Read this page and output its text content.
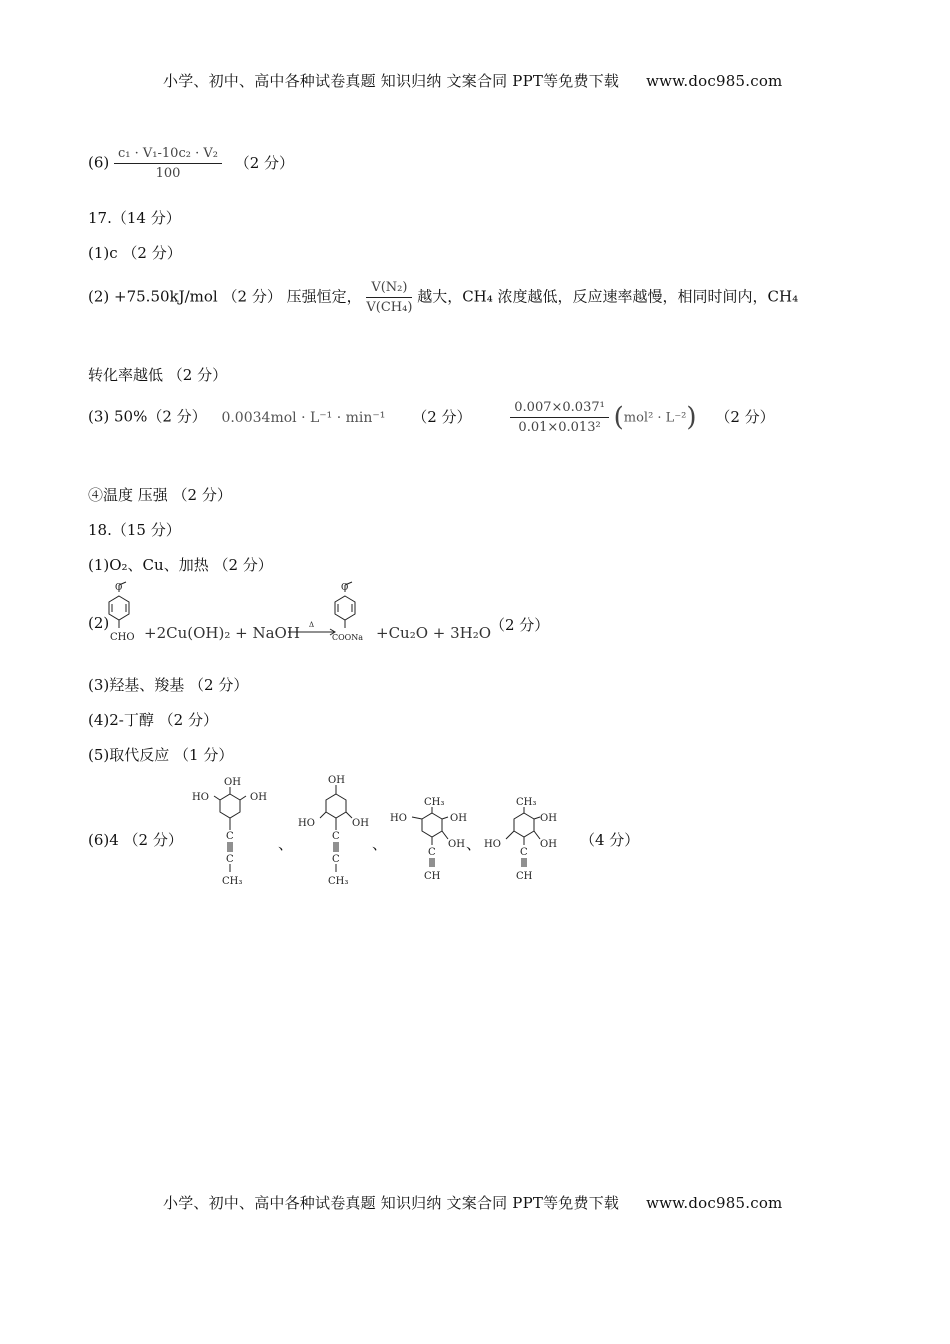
小学、初中、高中各种试卷真题 知识归纳 文案合同 PPT等免费下载 www.doc985.com
$(6) \frac{\text{c₁ · V₁-10c₂ · V₂}}{100} (2$ 分）
17.（14 分）
(1)c （2 分）
(2) +75.50kJ/mol （2 分） 压强恒定， $\frac{\text{V(N₂)}}{\text{V(CH₄)}}$ 越大，CH₄ 浓度越低，反应速率越慢，相同时间内，CH₄
转化率越低 （2 分）
(3) 50%（2 分） 0.0034mol · L⁻¹ · min⁻¹ （2 分）	$\frac{\text{0.007×0.037¹}}{\text{0.01×0.013²}} (mol^2 \cdot L^{-2})$ （2 分）
④温度 压强 （2 分）
18.（15 分）
(1)O₂、Cu、加热 （2 分）
(2)
O
CHO +2Cu(OH)₂ + NaOH Δ
O
COONa +Cu₂O + 3H₂O
（2 分）
(3)羟基、羧基 （2 分）
(4)2-丁醇 （2 分）
(5)取代反应 （1 分）
(6)4 （2 分）
OH
HO	OH
C
C
CH₃
、
OH
HO	OH
C
C
CH₃
、
CH₃
HO	OH
OH
C
CH
、
CH₃
OH
OH
HO
C
CH
（4 分）
小学、初中、高中各种试卷真题 知识归纳 文案合同 PPT等免费下载 www.doc985.com
